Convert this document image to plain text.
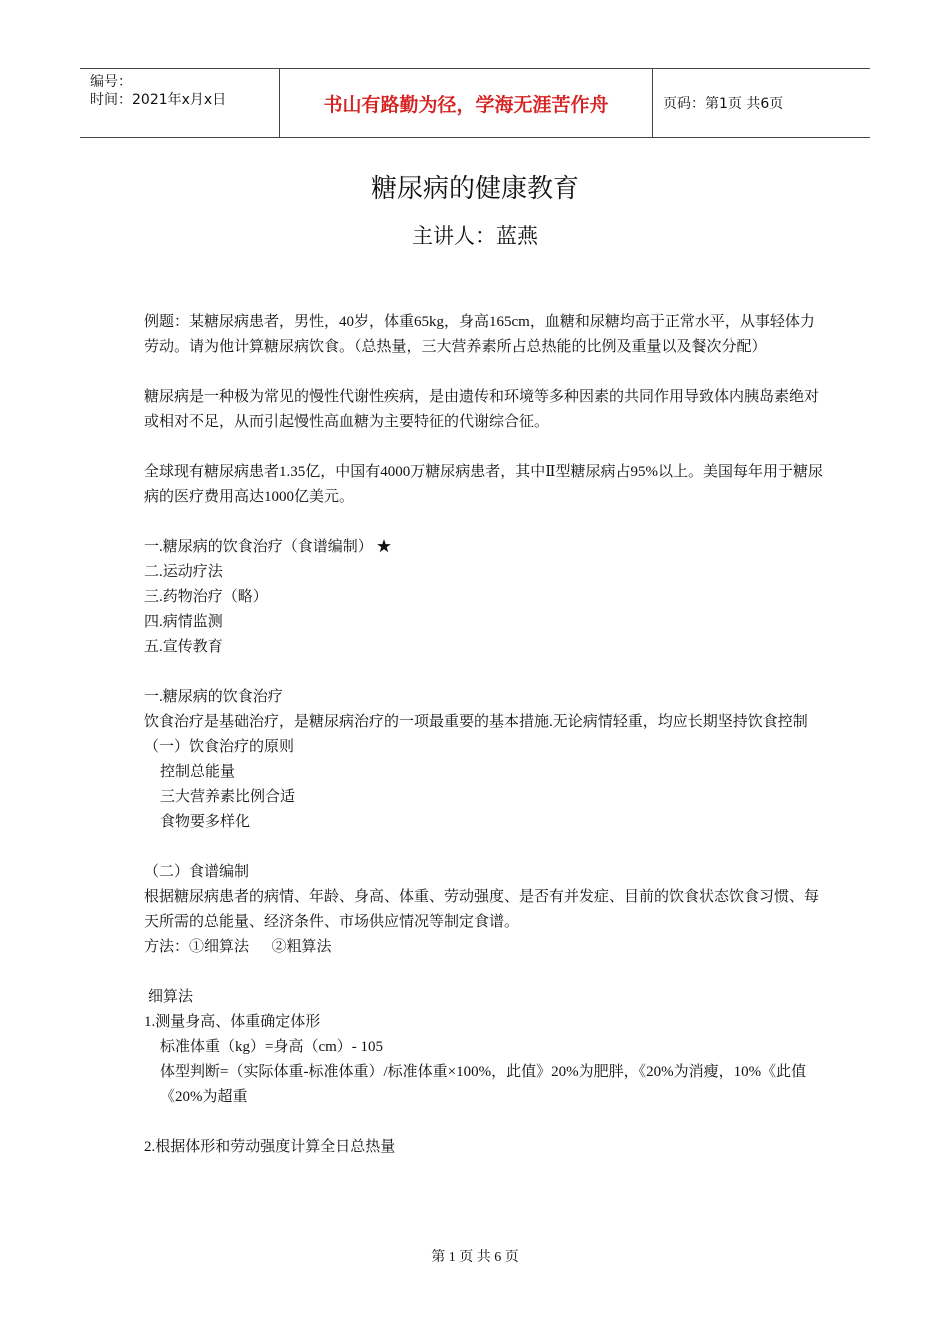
编号：
时间：2021年x月x日	书山有路勤为径，学海无涯苦作舟	页码：第1页 共6页
糖尿病的健康教育
主讲人：蓝燕

例题：某糖尿病患者，男性，40岁，体重65kg，身高165cm，血糖和尿糖均高于正常水平，从事轻体力劳动。请为他计算糖尿病饮食。（总热量，三大营养素所占总热能的比例及重量以及餐次分配）

糖尿病是一种极为常见的慢性代谢性疾病，是由遗传和环境等多种因素的共同作用导致体内胰岛素绝对或相对不足，从而引起慢性高血糖为主要特征的代谢综合征。

全球现有糖尿病患者1.35亿，中国有4000万糖尿病患者，其中Ⅱ型糖尿病占95%以上。美国每年用于糖尿病的医疗费用高达1000亿美元。

一.糖尿病的饮食治疗（食谱编制） ★

二.运动疗法

三.药物治疗（略）

四.病情监测

五.宣传教育

一.糖尿病的饮食治疗

饮食治疗是基础治疗，是糖尿病治疗的一项最重要的基本措施.无论病情轻重，均应长期坚持饮食控制

（一）饮食治疗的原则

控制总能量

三大营养素比例合适

食物要多样化

（二）食谱编制

根据糖尿病患者的病情、年龄、身高、体重、劳动强度、是否有并发症、目前的饮食状态饮食习惯、每天所需的总能量、经济条件、市场供应情况等制定食谱。

方法：①细算法      ②粗算法

细算法

1.测量身高、体重确定体形

标准体重（kg）=身高（cm）- 105

体型判断=（实际体重-标准体重）/标准体重×100%，此值》20%为肥胖，《20%为消瘦，10%《此值《20%为超重

2.根据体形和劳动强度计算全日总热量

第 1 页 共 6 页
